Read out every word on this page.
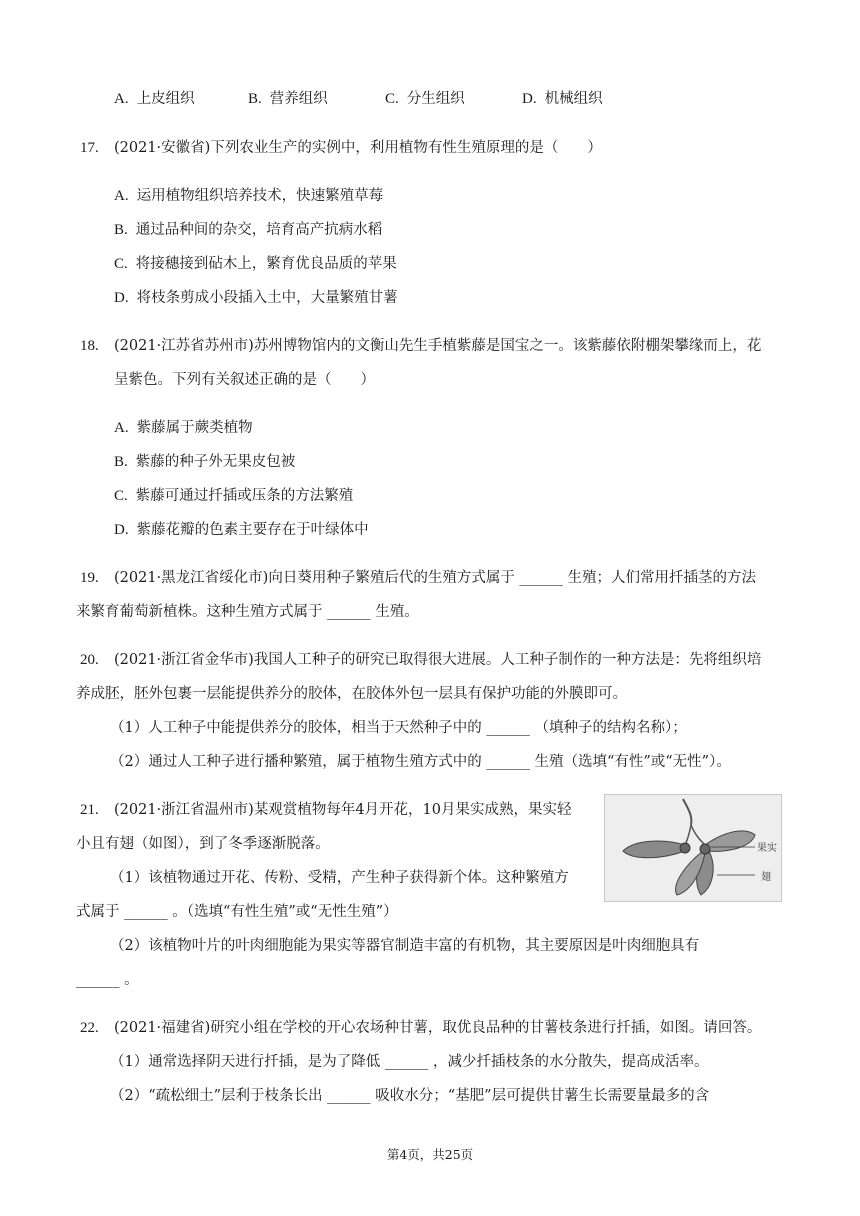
A. 上皮组织	B. 营养组织	C. 分生组织	D. 机械组织
17. (2021·安徽省)下列农业生产的实例中，利用植物有性生殖原理的是（　　）
A. 运用植物组织培养技术，快速繁殖草莓
B. 通过品种间的杂交，培育高产抗病水稻
C. 将接穗接到砧木上，繁育优良品质的苹果
D. 将枝条剪成小段插入土中，大量繁殖甘薯
18. (2021·江苏省苏州市)苏州博物馆内的文衡山先生手植紫藤是国宝之一。该紫藤依附棚架攀缘而上，花
呈紫色。下列有关叙述正确的是（　　）
A. 紫藤属于蕨类植物
B. 紫藤的种子外无果皮包被
C. 紫藤可通过扦插或压条的方法繁殖
D. 紫藤花瓣的色素主要存在于叶绿体中
19. (2021·黑龙江省绥化市)向日葵用种子繁殖后代的生殖方式属于 ______ 生殖；人们常用扦插茎的方法
来繁育葡萄新植株。这种生殖方式属于 ______ 生殖。
20. (2021·浙江省金华市)我国人工种子的研究已取得很大进展。人工种子制作的一种方法是：先将组织培
养成胚，胚外包裹一层能提供养分的胶体，在胶体外包一层具有保护功能的外膜即可。
（1）人工种子中能提供养分的胶体，相当于天然种子中的 ______ （填种子的结构名称）；
（2）通过人工种子进行播种繁殖，属于植物生殖方式中的 ______ 生殖（选填“有性”或“无性”）。
21. (2021·浙江省温州市)某观赏植物每年4月开花，10月果实成熟，果实轻
小且有翅（如图），到了冬季逐渐脱落。
（1）该植物通过开花、传粉、受精，产生种子获得新个体。这种繁殖方
式属于 ______ 。（选填“有性生殖”或“无性生殖”）
（2）该植物叶片的叶肉细胞能为果实等器官制造丰富的有机物，其主要原因是叶肉细胞具有
______ 。
果实
翅
22. (2021·福建省)研究小组在学校的开心农场种甘薯，取优良品种的甘薯枝条进行扦插，如图。请回答。
（1）通常选择阴天进行扦插，是为了降低 ______ ，减少扦插枝条的水分散失，提高成活率。
（2）“疏松细土”层利于枝条长出 ______ 吸收水分；“基肥”层可提供甘薯生长需要量最多的含
第4页，共25页
